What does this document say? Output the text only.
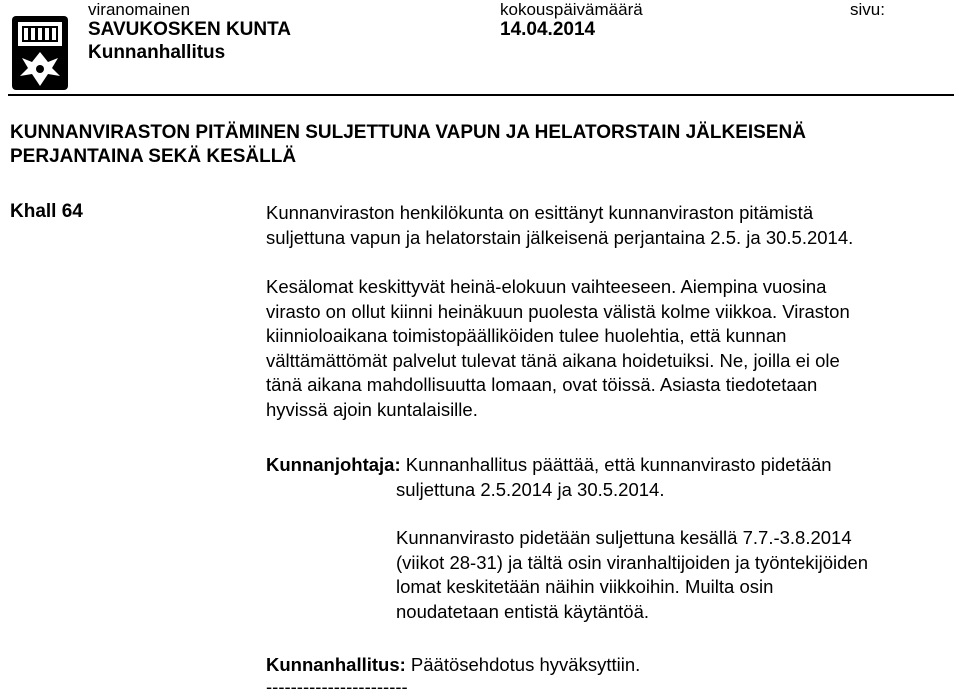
viranomainen	kokouspäivämäärä	sivu:
SAVUKOSKEN KUNTA	14.04.2014
Kunnanhallitus
KUNNANVIRASTON PITÄMINEN SULJETTUNA VAPUN JA HELATORSTAIN JÄLKEISENÄ
PERJANTAINA SEKÄ KESÄLLÄ
Khall 64	Kunnanviraston henkilökunta on esittänyt kunnanviraston pitämistä
suljettuna vapun ja helatorstain jälkeisenä perjantaina 2.5. ja 30.5.2014.
Kesälomat keskittyvät heinä-elokuun vaihteeseen. Aiempina vuosina
virasto on ollut kiinni heinäkuun puolesta välistä kolme viikkoa. Viraston
kiinnioloaikana toimistopäälliköiden tulee huolehtia, että kunnan
välttämättömät palvelut tulevat tänä aikana hoidetuiksi. Ne, joilla ei ole
tänä aikana mahdollisuutta lomaan, ovat töissä. Asiasta tiedotetaan
hyvissä ajoin kuntalaisille.
Kunnanjohtaja: Kunnanhallitus päättää, että kunnanvirasto pidetään
suljettuna 2.5.2014 ja 30.5.2014.
Kunnanvirasto pidetään suljettuna kesällä 7.7.-3.8.2014
(viikot 28-31) ja tältä osin viranhaltijoiden ja työntekijöiden
lomat keskitetään näihin viikkoihin. Muilta osin
noudatetaan entistä käytäntöä.
Kunnanhallitus: Päätösehdotus hyväksyttiin.
-----------------------
